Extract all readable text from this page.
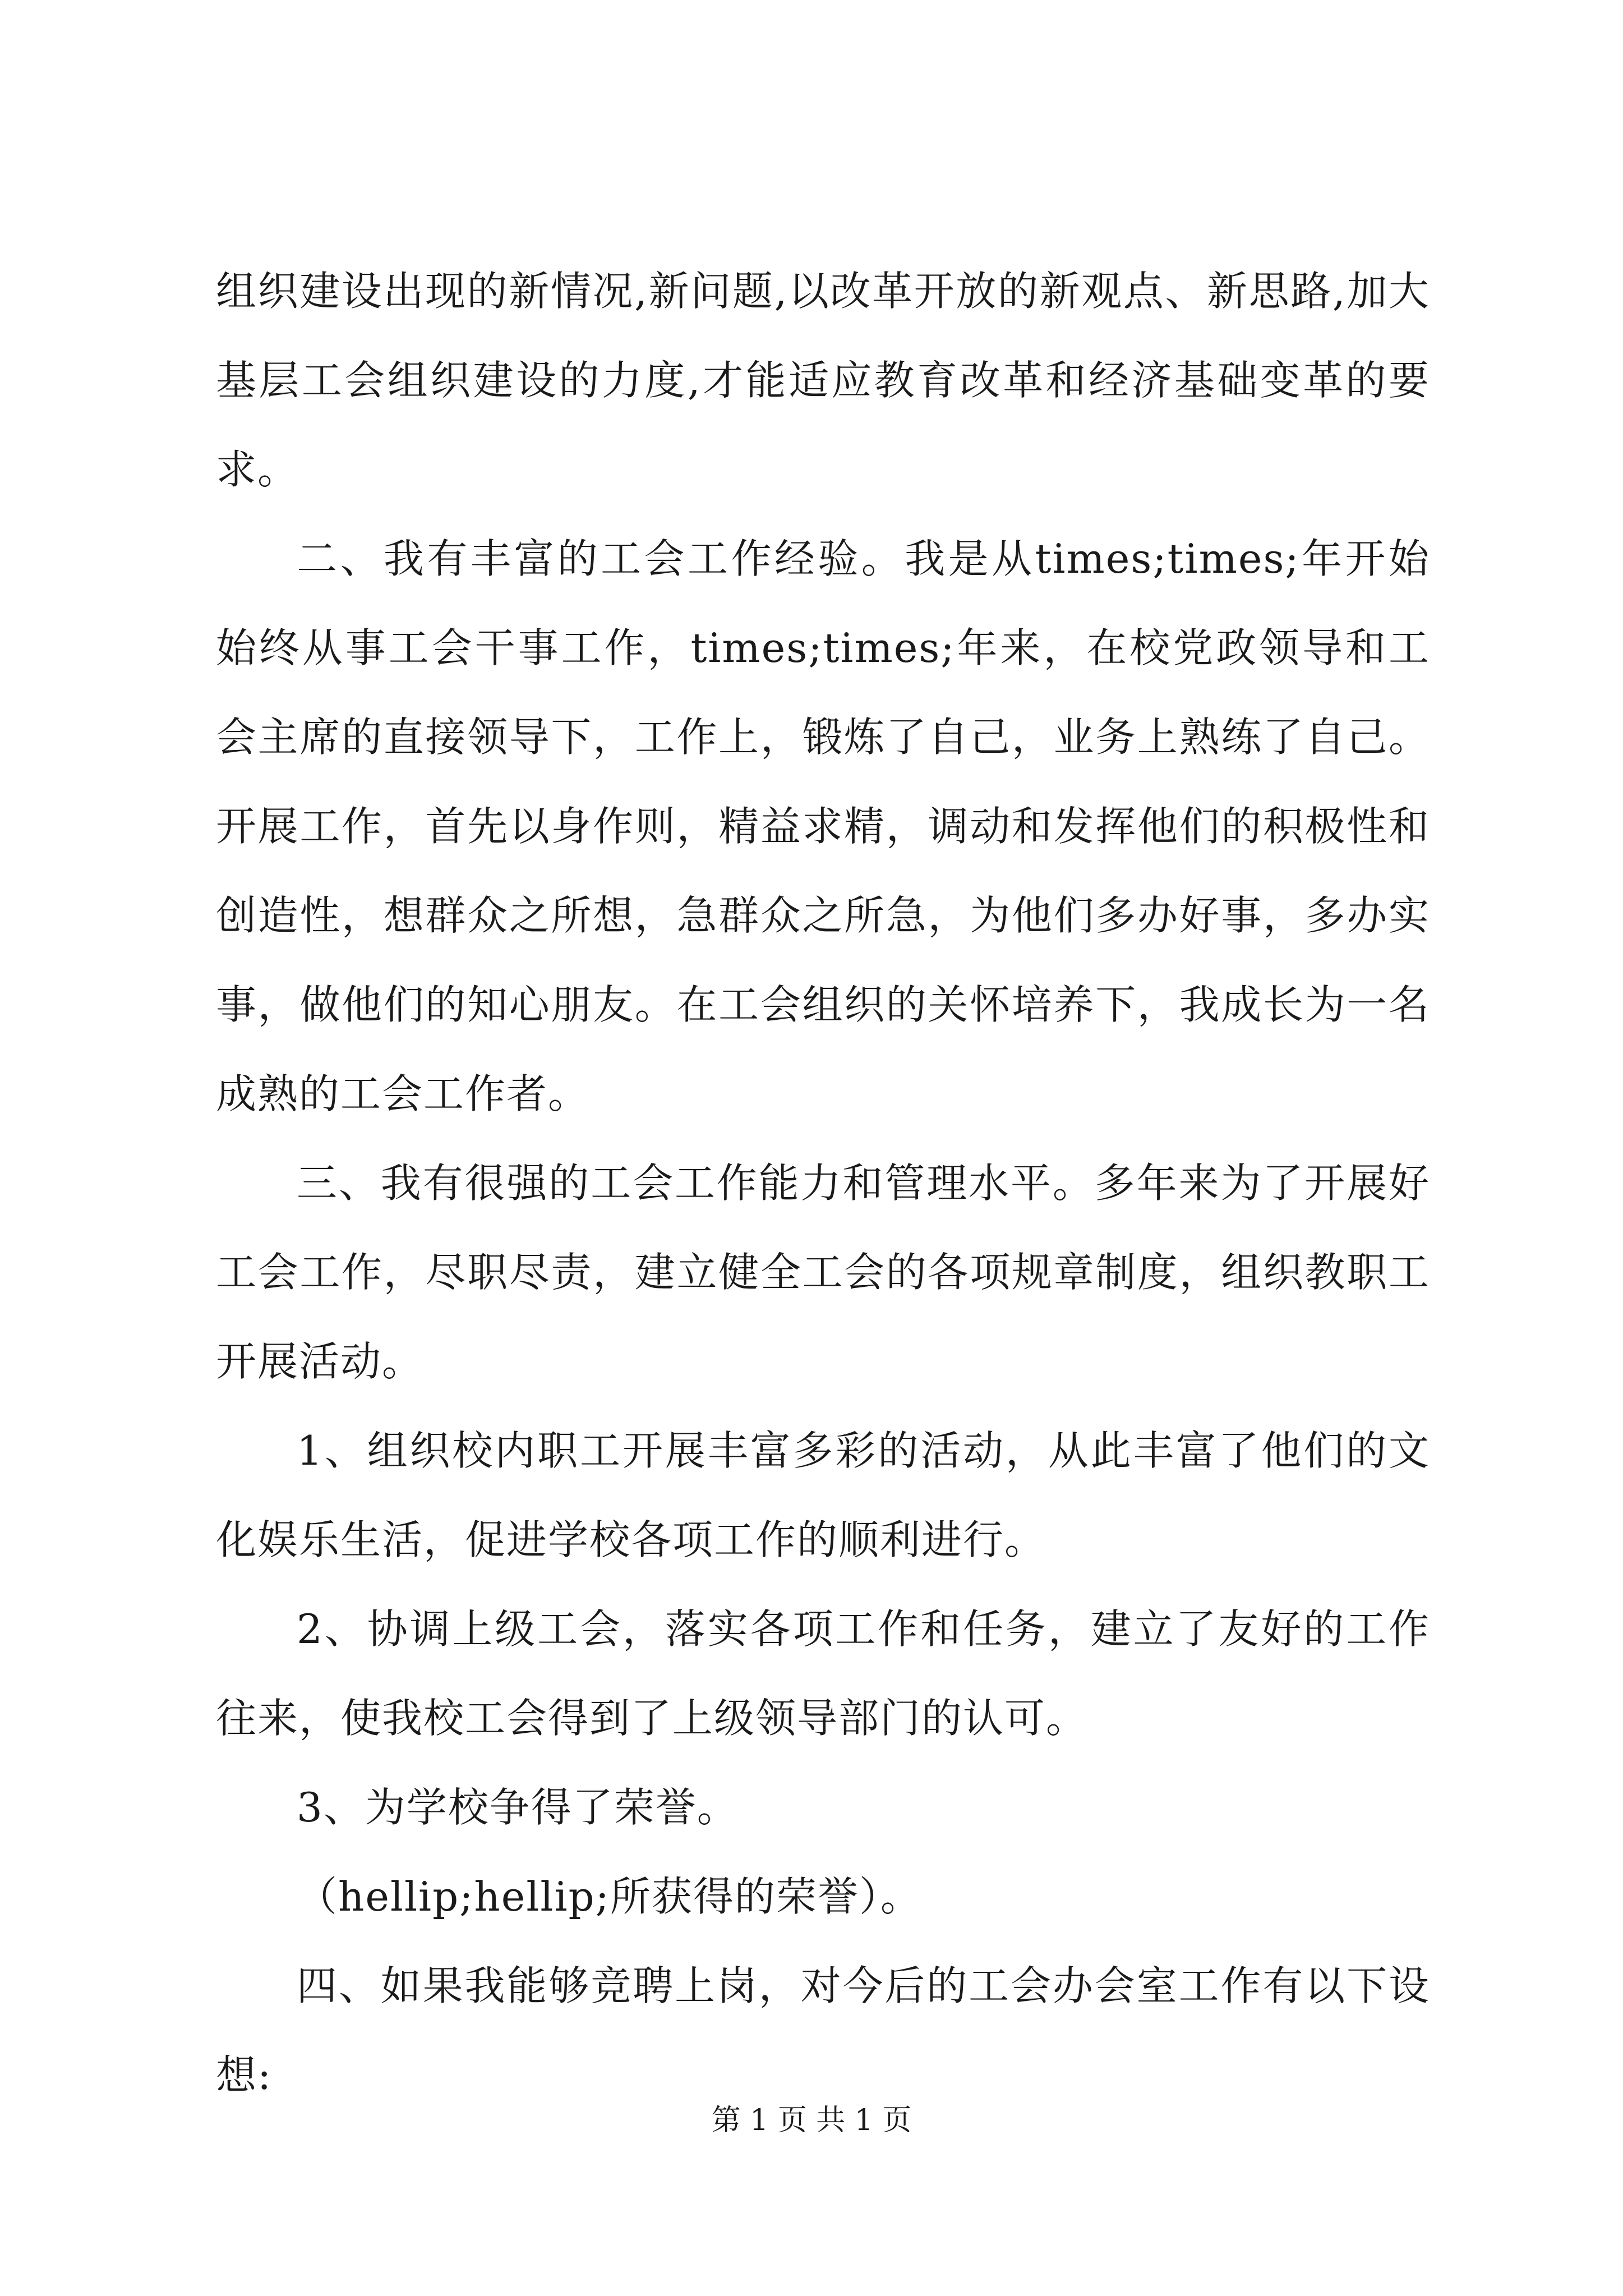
组织建设出现的新情况,新问题,以改革开放的新观点、新思路,加大基层工会组织建设的力度,才能适应教育改革和经济基础变革的要求。

二、我有丰富的工会工作经验。我是从times;times;年开始始终从事工会干事工作，times;times;年来，在校党政领导和工会主席的直接领导下，工作上，锻炼了自己，业务上熟练了自己。开展工作，首先以身作则，精益求精，调动和发挥他们的积极性和创造性，想群众之所想，急群众之所急，为他们多办好事，多办实事，做他们的知心朋友。在工会组织的关怀培养下，我成长为一名成熟的工会工作者。

三、我有很强的工会工作能力和管理水平。多年来为了开展好工会工作，尽职尽责，建立健全工会的各项规章制度，组织教职工开展活动。

1、组织校内职工开展丰富多彩的活动，从此丰富了他们的文化娱乐生活，促进学校各项工作的顺利进行。

2、协调上级工会，落实各项工作和任务，建立了友好的工作往来，使我校工会得到了上级领导部门的认可。

3、为学校争得了荣誉。

（hellip;hellip;所获得的荣誉）。

四、如果我能够竞聘上岗，对今后的工会办会室工作有以下设想:

第 1 页 共 1 页
